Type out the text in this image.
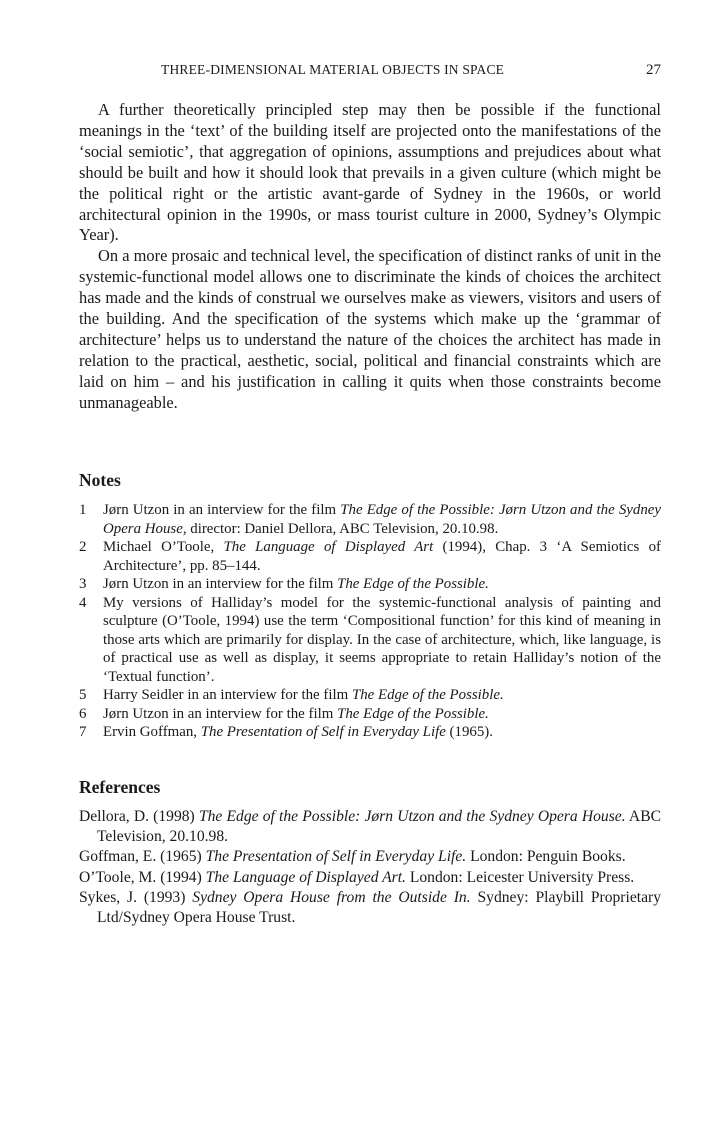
THREE-DIMENSIONAL MATERIAL OBJECTS IN SPACE	27

A further theoretically principled step may then be possible if the functional meanings in the ‘text’ of the building itself are projected onto the manifestations of the ‘social semiotic’, that aggregation of opinions, assumptions and prejudices about what should be built and how it should look that prevails in a given culture (which might be the political right or the artistic avant-garde of Sydney in the 1960s, or world architectural opinion in the 1990s, or mass tourist culture in 2000, Sydney’s Olympic Year).

On a more prosaic and technical level, the specification of distinct ranks of unit in the systemic-functional model allows one to discriminate the kinds of choices the architect has made and the kinds of construal we ourselves make as viewers, visitors and users of the building. And the specification of the systems which make up the ‘grammar of architecture’ helps us to understand the nature of the choices the architect has made in relation to the practical, aesthetic, social, political and financial constraints which are laid on him – and his justification in calling it quits when those constraints become unmanageable.

Notes
1 Jørn Utzon in an interview for the film The Edge of the Possible: Jørn Utzon and the Sydney Opera House, director: Daniel Dellora, ABC Television, 20.10.98.
2 Michael O’Toole, The Language of Displayed Art (1994), Chap. 3 ‘A Semiotics of Architecture’, pp. 85–144.
3 Jørn Utzon in an interview for the film The Edge of the Possible.
4 My versions of Halliday’s model for the systemic-functional analysis of painting and sculpture (O’Toole, 1994) use the term ‘Compositional function’ for this kind of meaning in those arts which are primarily for display. In the case of architecture, which, like language, is of practical use as well as display, it seems appropriate to retain Halliday’s notion of the ‘Textual function’.
5 Harry Seidler in an interview for the film The Edge of the Possible.
6 Jørn Utzon in an interview for the film The Edge of the Possible.
7 Ervin Goffman, The Presentation of Self in Everyday Life (1965).
References
Dellora, D. (1998) The Edge of the Possible: Jørn Utzon and the Sydney Opera House. ABC Television, 20.10.98.
Goffman, E. (1965) The Presentation of Self in Everyday Life. London: Penguin Books.
O’Toole, M. (1994) The Language of Displayed Art. London: Leicester University Press.
Sykes, J. (1993) Sydney Opera House from the Outside In. Sydney: Playbill Proprietary Ltd/Sydney Opera House Trust.
